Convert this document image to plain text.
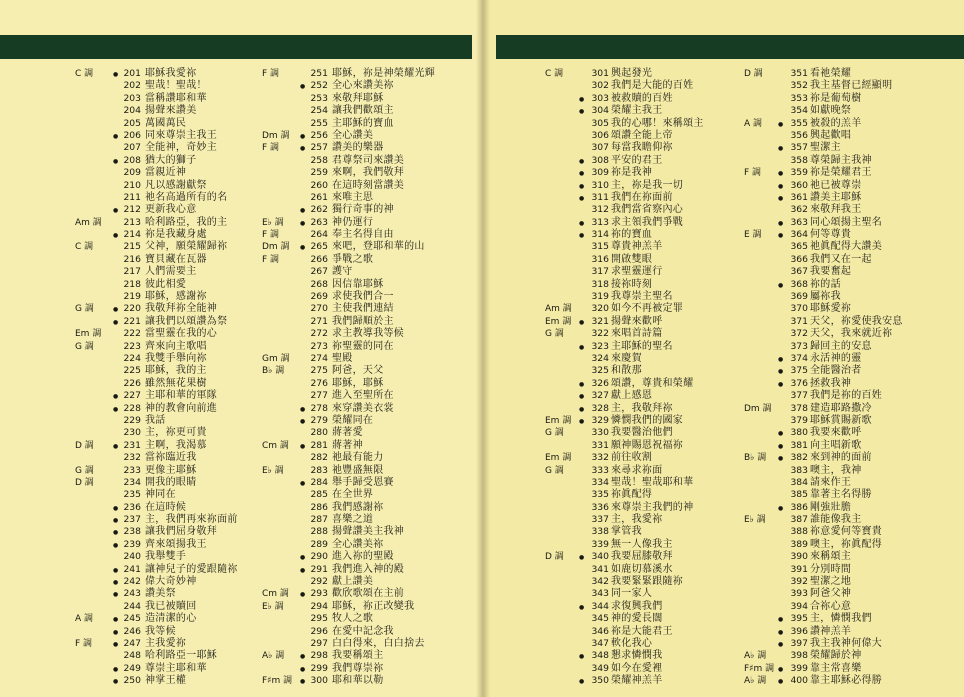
C 調	● 201 耶穌我愛祢
202 聖哉！聖哉！
203 當稱讚耶和華
204 揚聲來讚美
205 萬國萬民
● 206 同來尊崇主我王
207 全能神，奇妙主
● 208 猶大的獅子
209 當親近神
210 凡以感謝獻祭
211 祂名高過所有的名
● 212 更新我心意
Am 調	213 哈利路亞，我的主
● 214 祢是我藏身處
C 調	215 父神，願榮耀歸祢
216 寶貝藏在瓦器
217 人們需要主
218 彼此相愛
219 耶穌，感謝祢
G 調	● 220 我敬拜祢全能神
● 221 讓我們以頌讚為祭
Em 調	222 當聖靈在我的心
G 調	223 齊來向主歌唱
224 我雙手舉向祢
225 耶穌，我的主
226 雖然無花果樹
● 227 主耶和華的軍隊
● 228 神的教會向前進
229 我話
230 主，祢更可貴
D 調	● 231 主啊，我渴慕
232 當祢臨近我
G 調	233 更像主耶穌
D 調	234 開我的眼睛
235 神同在
● 236 在這時候
● 237 主，我們再來祢面前
● 238 讓我們屈身敬拜
● 239 齊來頌揚我王
240 我舉雙手
● 241 讓神兒子的愛跟隨祢
● 242 偉大奇妙神
● 243 讚美祭
244 我已被贖回
A 調	● 245 造清潔的心
● 246 我等候
F 調	● 247 主我愛祢
248 哈利路亞一耶穌
● 249 尊崇主耶和華
● 250 神掌王權
F 調	251 耶穌，祢是神榮耀光輝
● 252 全心來讚美祢
253 來敬拜耶穌
254 讓我們歡頌主
255 主耶穌的寶血
Dm 調 ● 256 全心讚美
F 調	● 257 讚美的樂器
258 君尊祭司來讚美
259 來啊，我們敬拜
260 在這時刻當讚美
261 來唯主思
● 262 獨行奇事的神
E♭ 調	● 263 神仍運行
F 調	264 奉主名得自由
Dm 調 ● 265 來吧，登耶和華的山
F 調	266 爭戰之歌
267 護守
268 因信靠耶穌
269 求使我們合一
270 主使我們連結
271 我們歸順於主
272 求主教導我等候
273 祢聖靈的同在
Gm 調	274 聖殿
B♭ 調	275 阿爸，天父
276 耶穌，耶穌
277 進入至聖所在
● 278 來穿讚美衣裳
● 279 榮耀同在
280 蔣著愛
Cm 調 ● 281 蔣著神
282 祂最有能力
E♭ 調	283 祂豐盛無限
● 284 舉手歸受恩賽
285 在全世界
286 我們感謝祢
287 喜樂之道
288 揚聲讚美主我神
289 全心讚美祢
● 290 進入祢的聖殿
● 291 我們進入神的殿
292 獻上讚美
Cm 調 ● 293 歡欣歌頌在主前
E♭ 調	294 耶穌，祢正改變我
295 牧人之歌
296 在愛中記念我
297 白白得來，白白捨去
A♭ 調	● 298 我要稱頌主
● 299 我們尊崇祢
F♯m 調 ● 300 耶和華以勒
C 調	301 興起發光
302 我們是大能的百姓
● 303 被救贖的百姓
● 304 榮耀主我王
305 我的心哪！來稱頌主
306 頌讚全能上帝
307 每當我瞻仰祢
● 308 平安的君王
● 309 祢是我神
● 310 主，祢是我一切
● 311 我們在祢面前
312 我們當省察內心
● 313 求主領我們爭戰
● 314 祢的寶血
315 尊貴神羔羊
316 開啟雙眼
317 求聖靈運行
318 接祢時刻
319 我尊崇主聖名
Am 調	320 如今不再被定罪
Em 調 ● 321 揚聲來歡呼
G 調	322 來唱首詩篇
● 323 主耶穌的聖名
324 來慶賀
325 和散那
● 326 頌讚，尊貴和榮耀
● 327 獻上感恩
● 328 主，我敬拜祢
Em 調 ● 329 憐憫我們的國家
G 調	330 我要醫治他們
331 願神賜恩祝福祢
Em 調	332 前往收割
G 調	333 來尋求祢面
334 聖哉！聖哉耶和華
335 祢眞配得
336 來尊崇主我們的神
337 主，我愛祢
338 掌管我
339 無一人像我主
D 調	● 340 我要屈膝敬拜
341 如鹿切慕溪水
342 我要緊緊跟隨祢
343 同一家人
● 344 求復興我們
345 神的愛長闊
346 祢是大能君王
347 軟化我心
● 348 懇求憐憫我
349 如今在愛裡
● 350 榮耀神羔羊
D 調	351 看祂榮耀
352 我主基督已經顯明
353 祢是葡萄樹
354 如獻晚祭
A 調	● 355 被殺的羔羊
356 興起歡唱
● 357 聖潔主
358 尊榮歸主我神
F 調	● 359 祢是榮耀君王
● 360 祂已被尊崇
● 361 讚美主耶穌
362 來敬拜我王
● 363 同心頌揚主聖名
E 調	● 364 何等尊貴
365 祂眞配得大讚美
366 我們又在一起
367 我要奮起
● 368 祢的話
369 屬祢我
370 耶穌愛祢
371 天父，祢愛使我安息
372 天父，我來就近祢
373 歸回主的安息
● 374 永活神的靈
● 375 全能醫治者
● 376 拯救我神
377 我們是祢的百姓
Dm 調	378 建造耶路撒冷
379 耶穌賞賜新歌
● 380 我要來歡呼
● 381 向主唱新歌
B♭ 調 ● 382 來到神的面前
383 噢主，我神
384 請來作王
385 靠著主名得勝
● 386 剛強壯膽
E♭ 調	387 誰能像我主
388 祢意愛何等寶貴
389 噢主，祢眞配得
390 來稱頌主
391 分別時間
392 聖潔之地
393 阿爸父神
394 合祢心意
● 395 主，憐憫我們
● 396 讚神羔羊
● 397 我主我神何偉大
A♭ 調	398 榮耀歸於神
F♯m 調 ● 399 靠主常喜樂
A♭ 調 ● 400 靠主耶穌必得勝
